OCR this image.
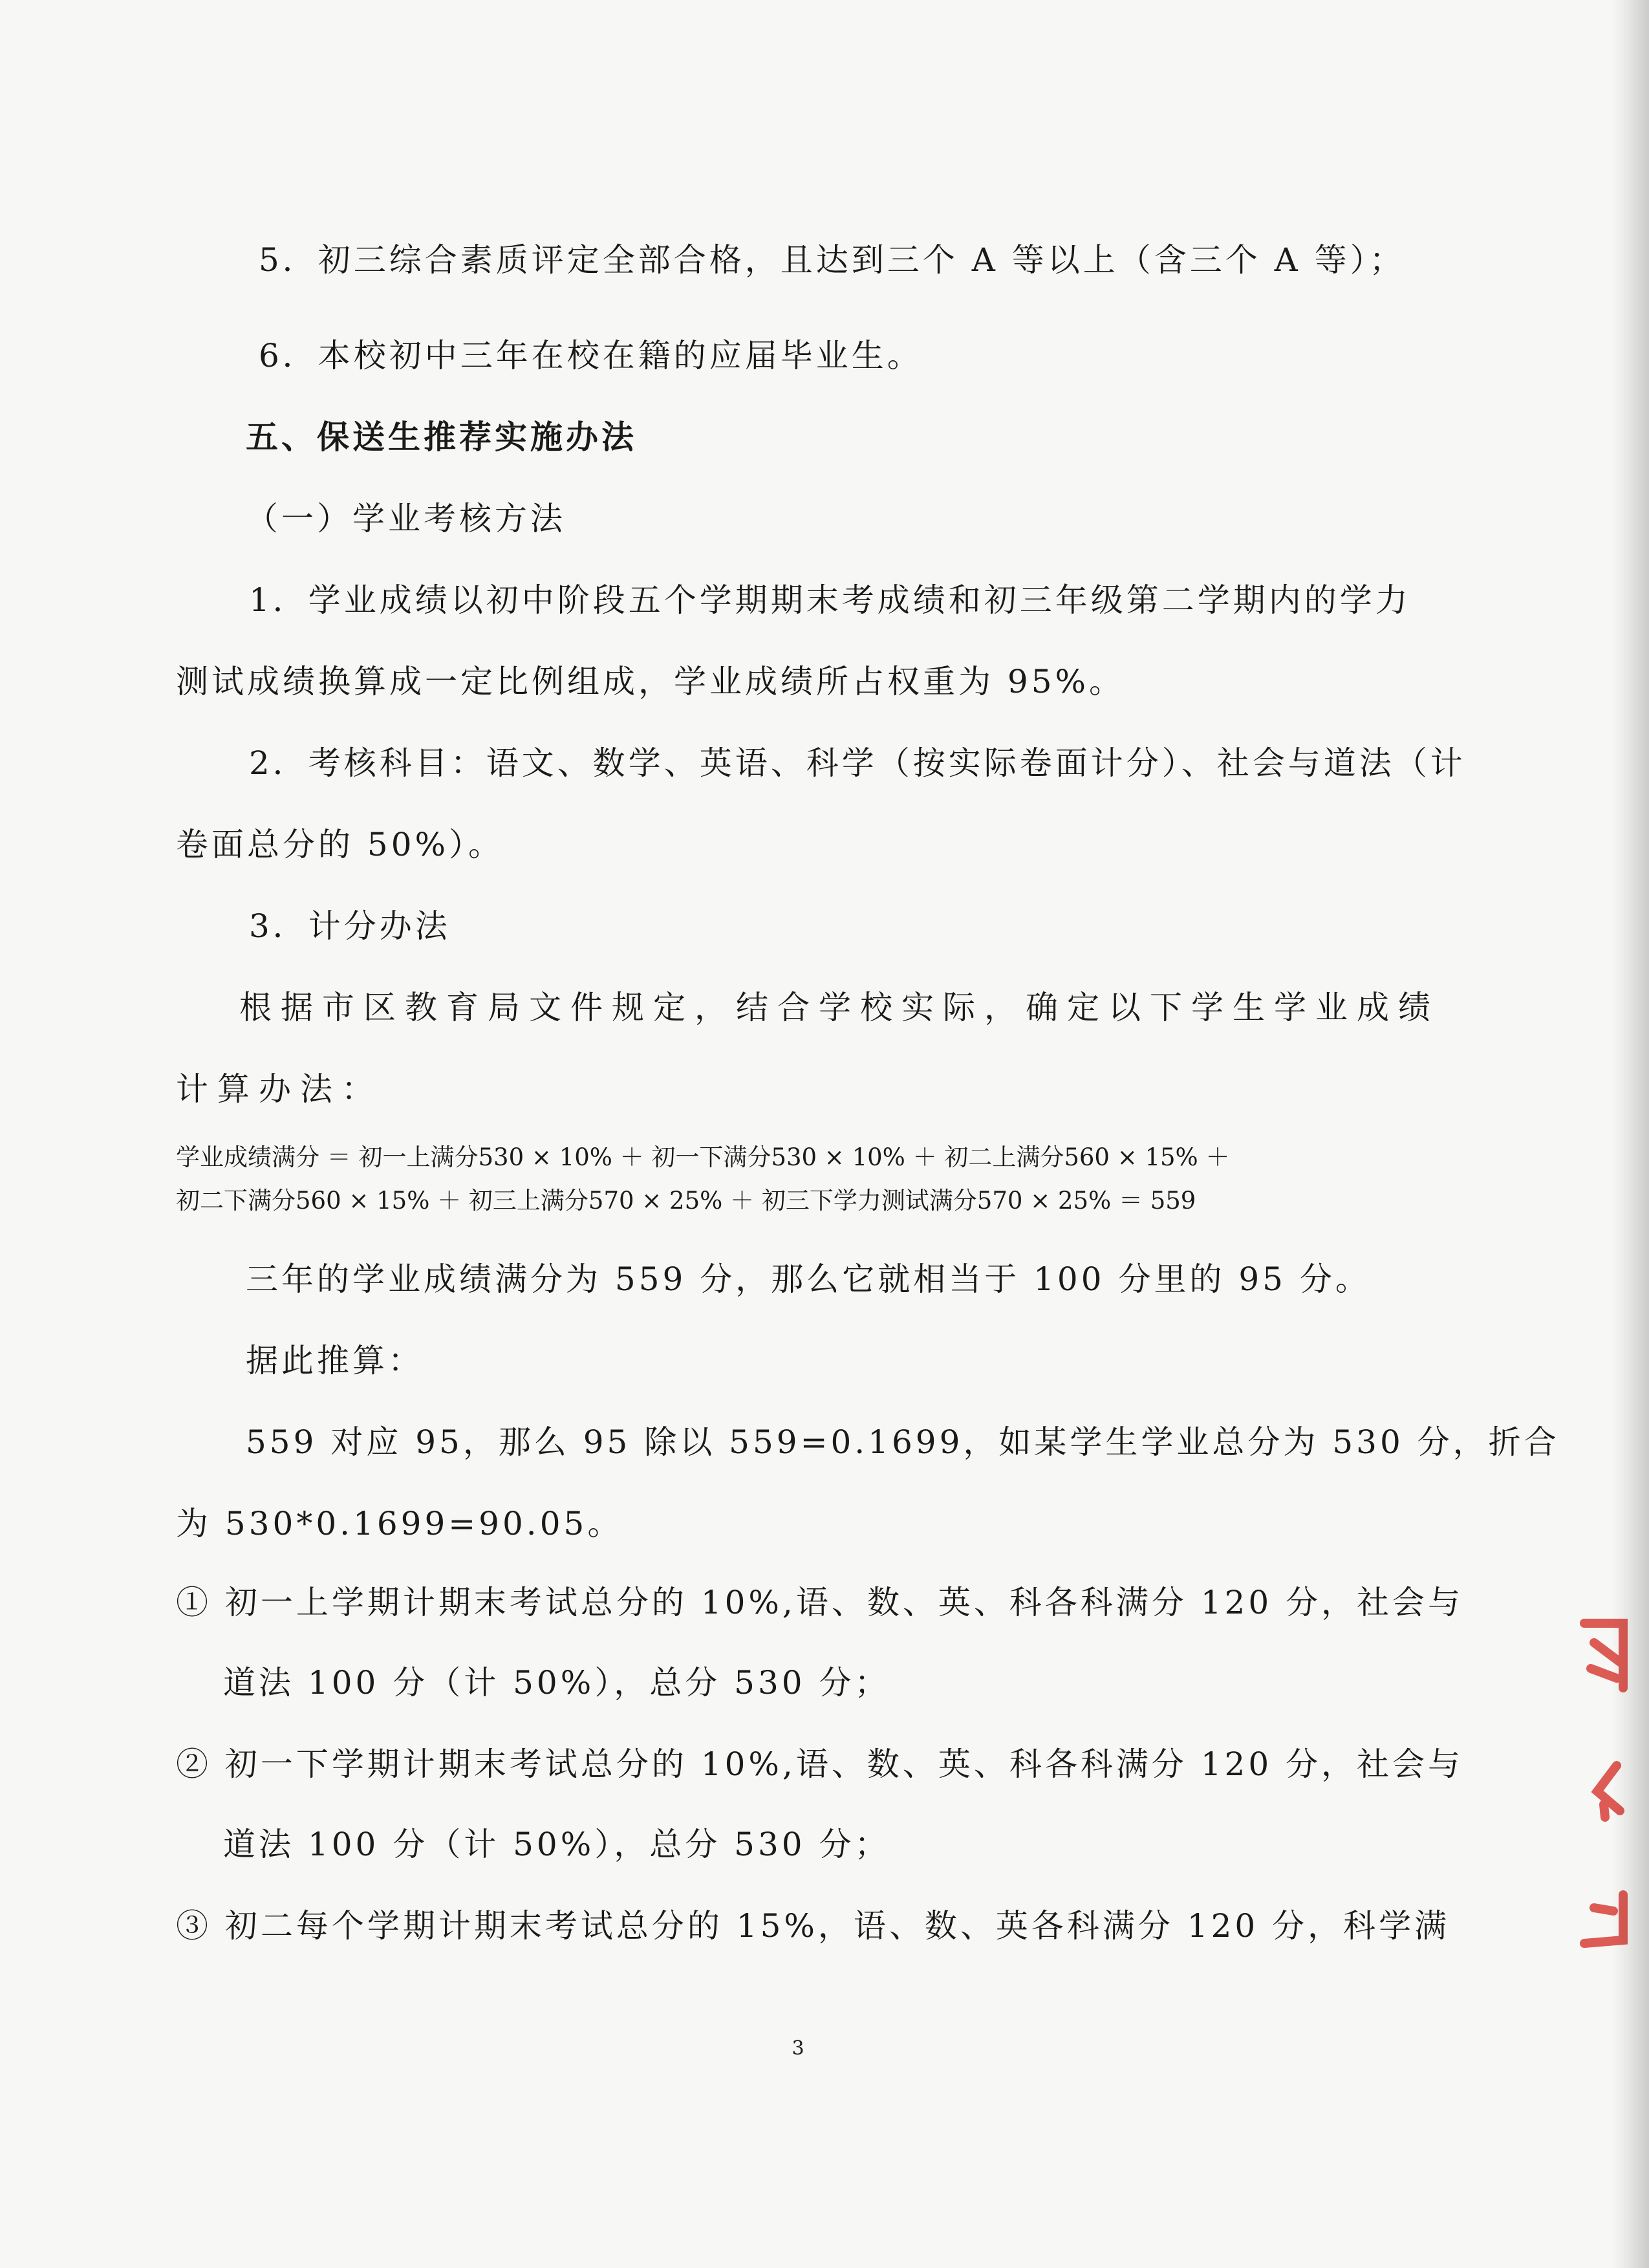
5．初三综合素质评定全部合格，且达到三个 A 等以上（含三个 A 等）；
6．本校初中三年在校在籍的应届毕业生。
五、保送生推荐实施办法
（一）学业考核方法
1．学业成绩以初中阶段五个学期期末考成绩和初三年级第二学期内的学力
测试成绩换算成一定比例组成，学业成绩所占权重为 95%。
2．考核科目：语文、数学、英语、科学（按实际卷面计分）、社会与道法（计
卷面总分的 50%）。
3．计分办法
根据市区教育局文件规定，结合学校实际，确定以下学生学业成绩
计算办法：
学业成绩满分 ＝ 初一上满分530 × 10% ＋ 初一下满分530 × 10% ＋ 初二上满分560 × 15% ＋
初二下满分560 × 15% ＋ 初三上满分570 × 25% ＋ 初三下学力测试满分570 × 25% ＝ 559
三年的学业成绩满分为 559 分，那么它就相当于 100 分里的 95 分。
据此推算：
559 对应 95，那么 95 除以 559=0.1699，如某学生学业总分为 530 分，折合
为 530*0.1699=90.05。
① 初一上学期计期末考试总分的 10%,语、数、英、科各科满分 120 分，社会与
道法 100 分（计 50%），总分 530 分；
② 初一下学期计期末考试总分的 10%,语、数、英、科各科满分 120 分，社会与
道法 100 分（计 50%），总分 530 分；
③ 初二每个学期计期末考试总分的 15%，语、数、英各科满分 120 分，科学满
3
